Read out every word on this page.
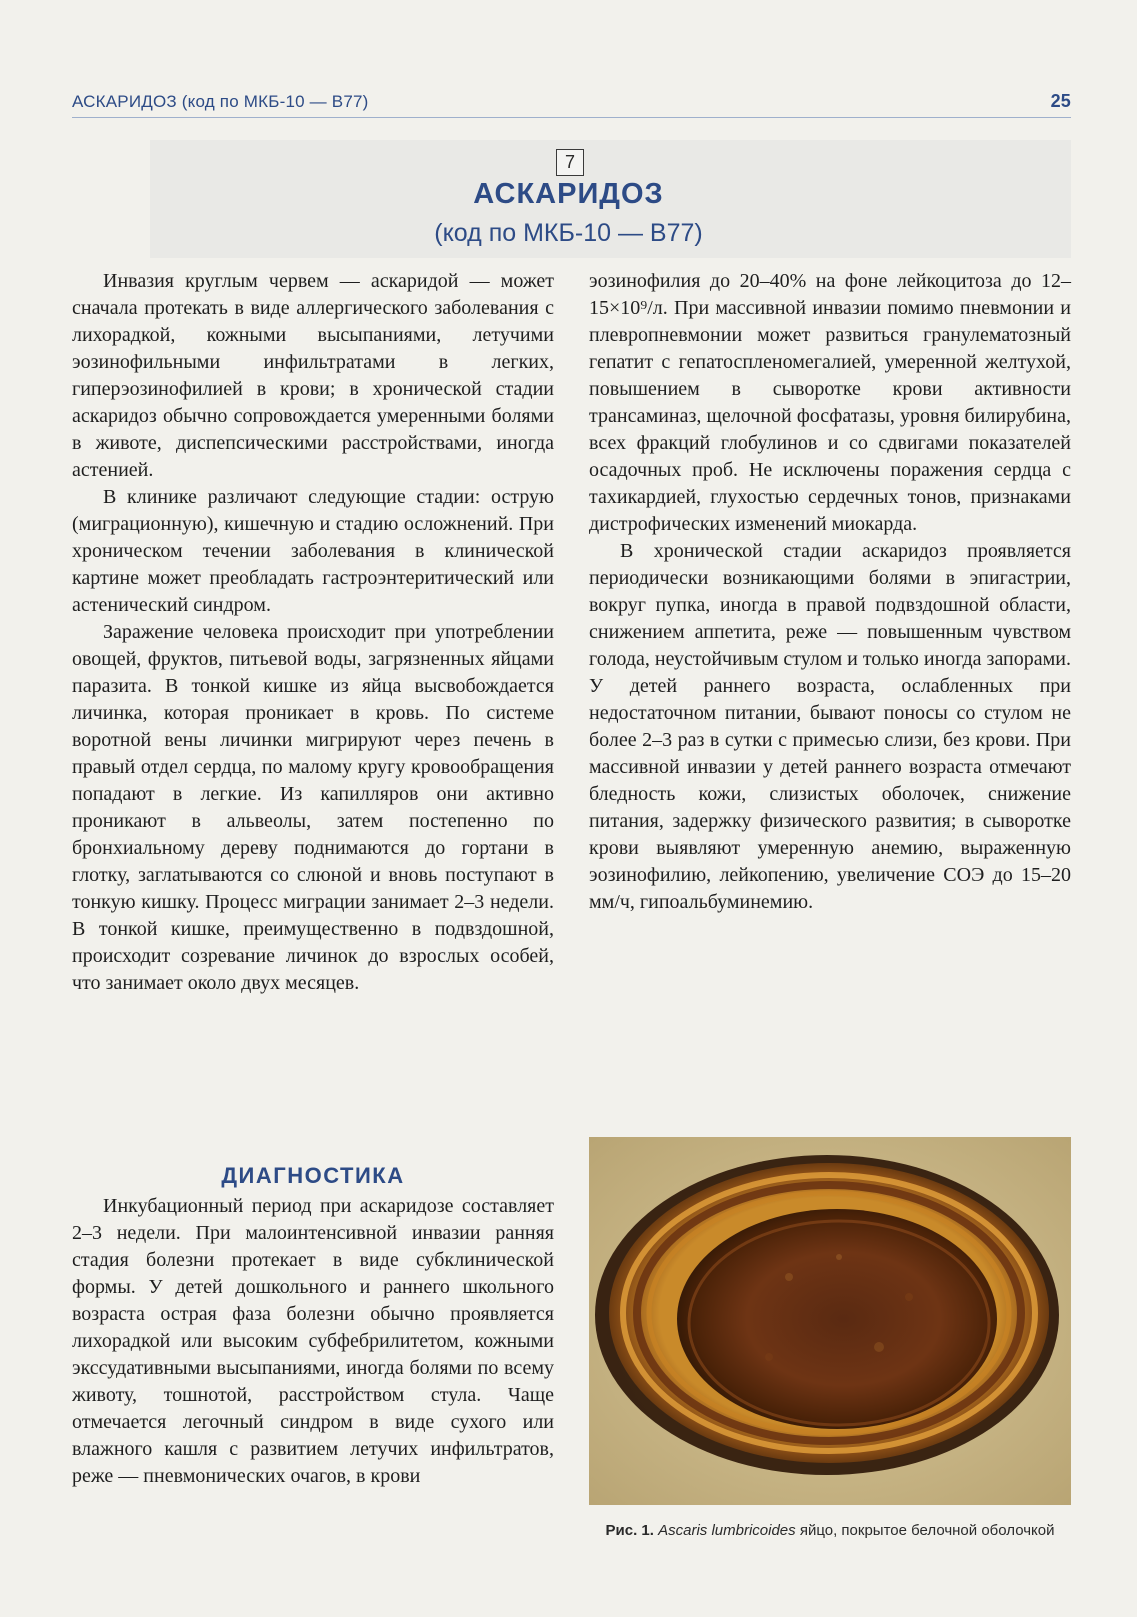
АСКАРИДОЗ (код по МКБ-10 — В77)	25
7
АСКАРИДОЗ
(код по МКБ-10 — В77)

Инвазия круглым червем — аскаридой — может сначала протекать в виде аллергического заболевания с лихорадкой, кожными высыпаниями, летучими эозинофильными инфильтратами в легких, гиперэозинофилией в крови; в хронической стадии аскаридоз обычно сопровождается умеренными болями в животе, диспепсическими расстройствами, иногда астенией.

В клинике различают следующие стадии: острую (миграционную), кишечную и стадию осложнений. При хроническом течении заболевания в клинической картине может преобладать гастроэнтеритический или астенический синдром.

Заражение человека происходит при употреблении овощей, фруктов, питьевой воды, загрязненных яйцами паразита. В тонкой кишке из яйца высвобождается личинка, которая проникает в кровь. По системе воротной вены личинки мигрируют через печень в правый отдел сердца, по малому кругу кровообращения попадают в легкие. Из капилляров они активно проникают в альвеолы, затем постепенно по бронхиальному дереву поднимаются до гортани в глотку, заглатываются со слюной и вновь поступают в тонкую кишку. Процесс миграции занимает 2–3 недели. В тонкой кишке, преимущественно в подвздошной, происходит созревание личинок до взрослых особей, что занимает около двух месяцев.

ДИАГНОСТИКА

Инкубационный период при аскаридозе составляет 2–3 недели. При малоинтенсивной инвазии ранняя стадия болезни протекает в виде субклинической формы. У детей дошкольного и раннего школьного возраста острая фаза болезни обычно проявляется лихорадкой или высоким субфебрилитетом, кожными экссудативными высыпаниями, иногда болями по всему животу, тошнотой, расстройством стула. Чаще отмечается легочный синдром в виде сухого или влажного кашля с развитием летучих инфильтратов, реже — пневмонических очагов, в крови

эозинофилия до 20–40% на фоне лейкоцитоза до 12–15×10⁹/л. При массивной инвазии помимо пневмонии и плевропневмонии может развиться гранулематозный гепатит с гепатоспленомегалией, умеренной желтухой, повышением в сыворотке крови активности трансаминаз, щелочной фосфатазы, уровня билирубина, всех фракций глобулинов и со сдвигами показателей осадочных проб. Не исключены поражения сердца с тахикардией, глухостью сердечных тонов, признаками дистрофических изменений миокарда.

В хронической стадии аскаридоз проявляется периодически возникающими болями в эпигастрии, вокруг пупка, иногда в правой подвздошной области, снижением аппетита, реже — повышенным чувством голода, неустойчивым стулом и только иногда запорами. У детей раннего возраста, ослабленных при недостаточном питании, бывают поносы со стулом не более 2–3 раз в сутки с примесью слизи, без крови. При массивной инвазии у детей раннего возраста отмечают бледность кожи, слизистых оболочек, снижение питания, задержку физического развития; в сыворотке крови выявляют умеренную анемию, выраженную эозинофилию, лейкопению, увеличение СОЭ до 15–20 мм/ч, гипоальбуминемию.

Рис. 1. Ascaris lumbricoides яйцо, покрытое белочной оболочкой
